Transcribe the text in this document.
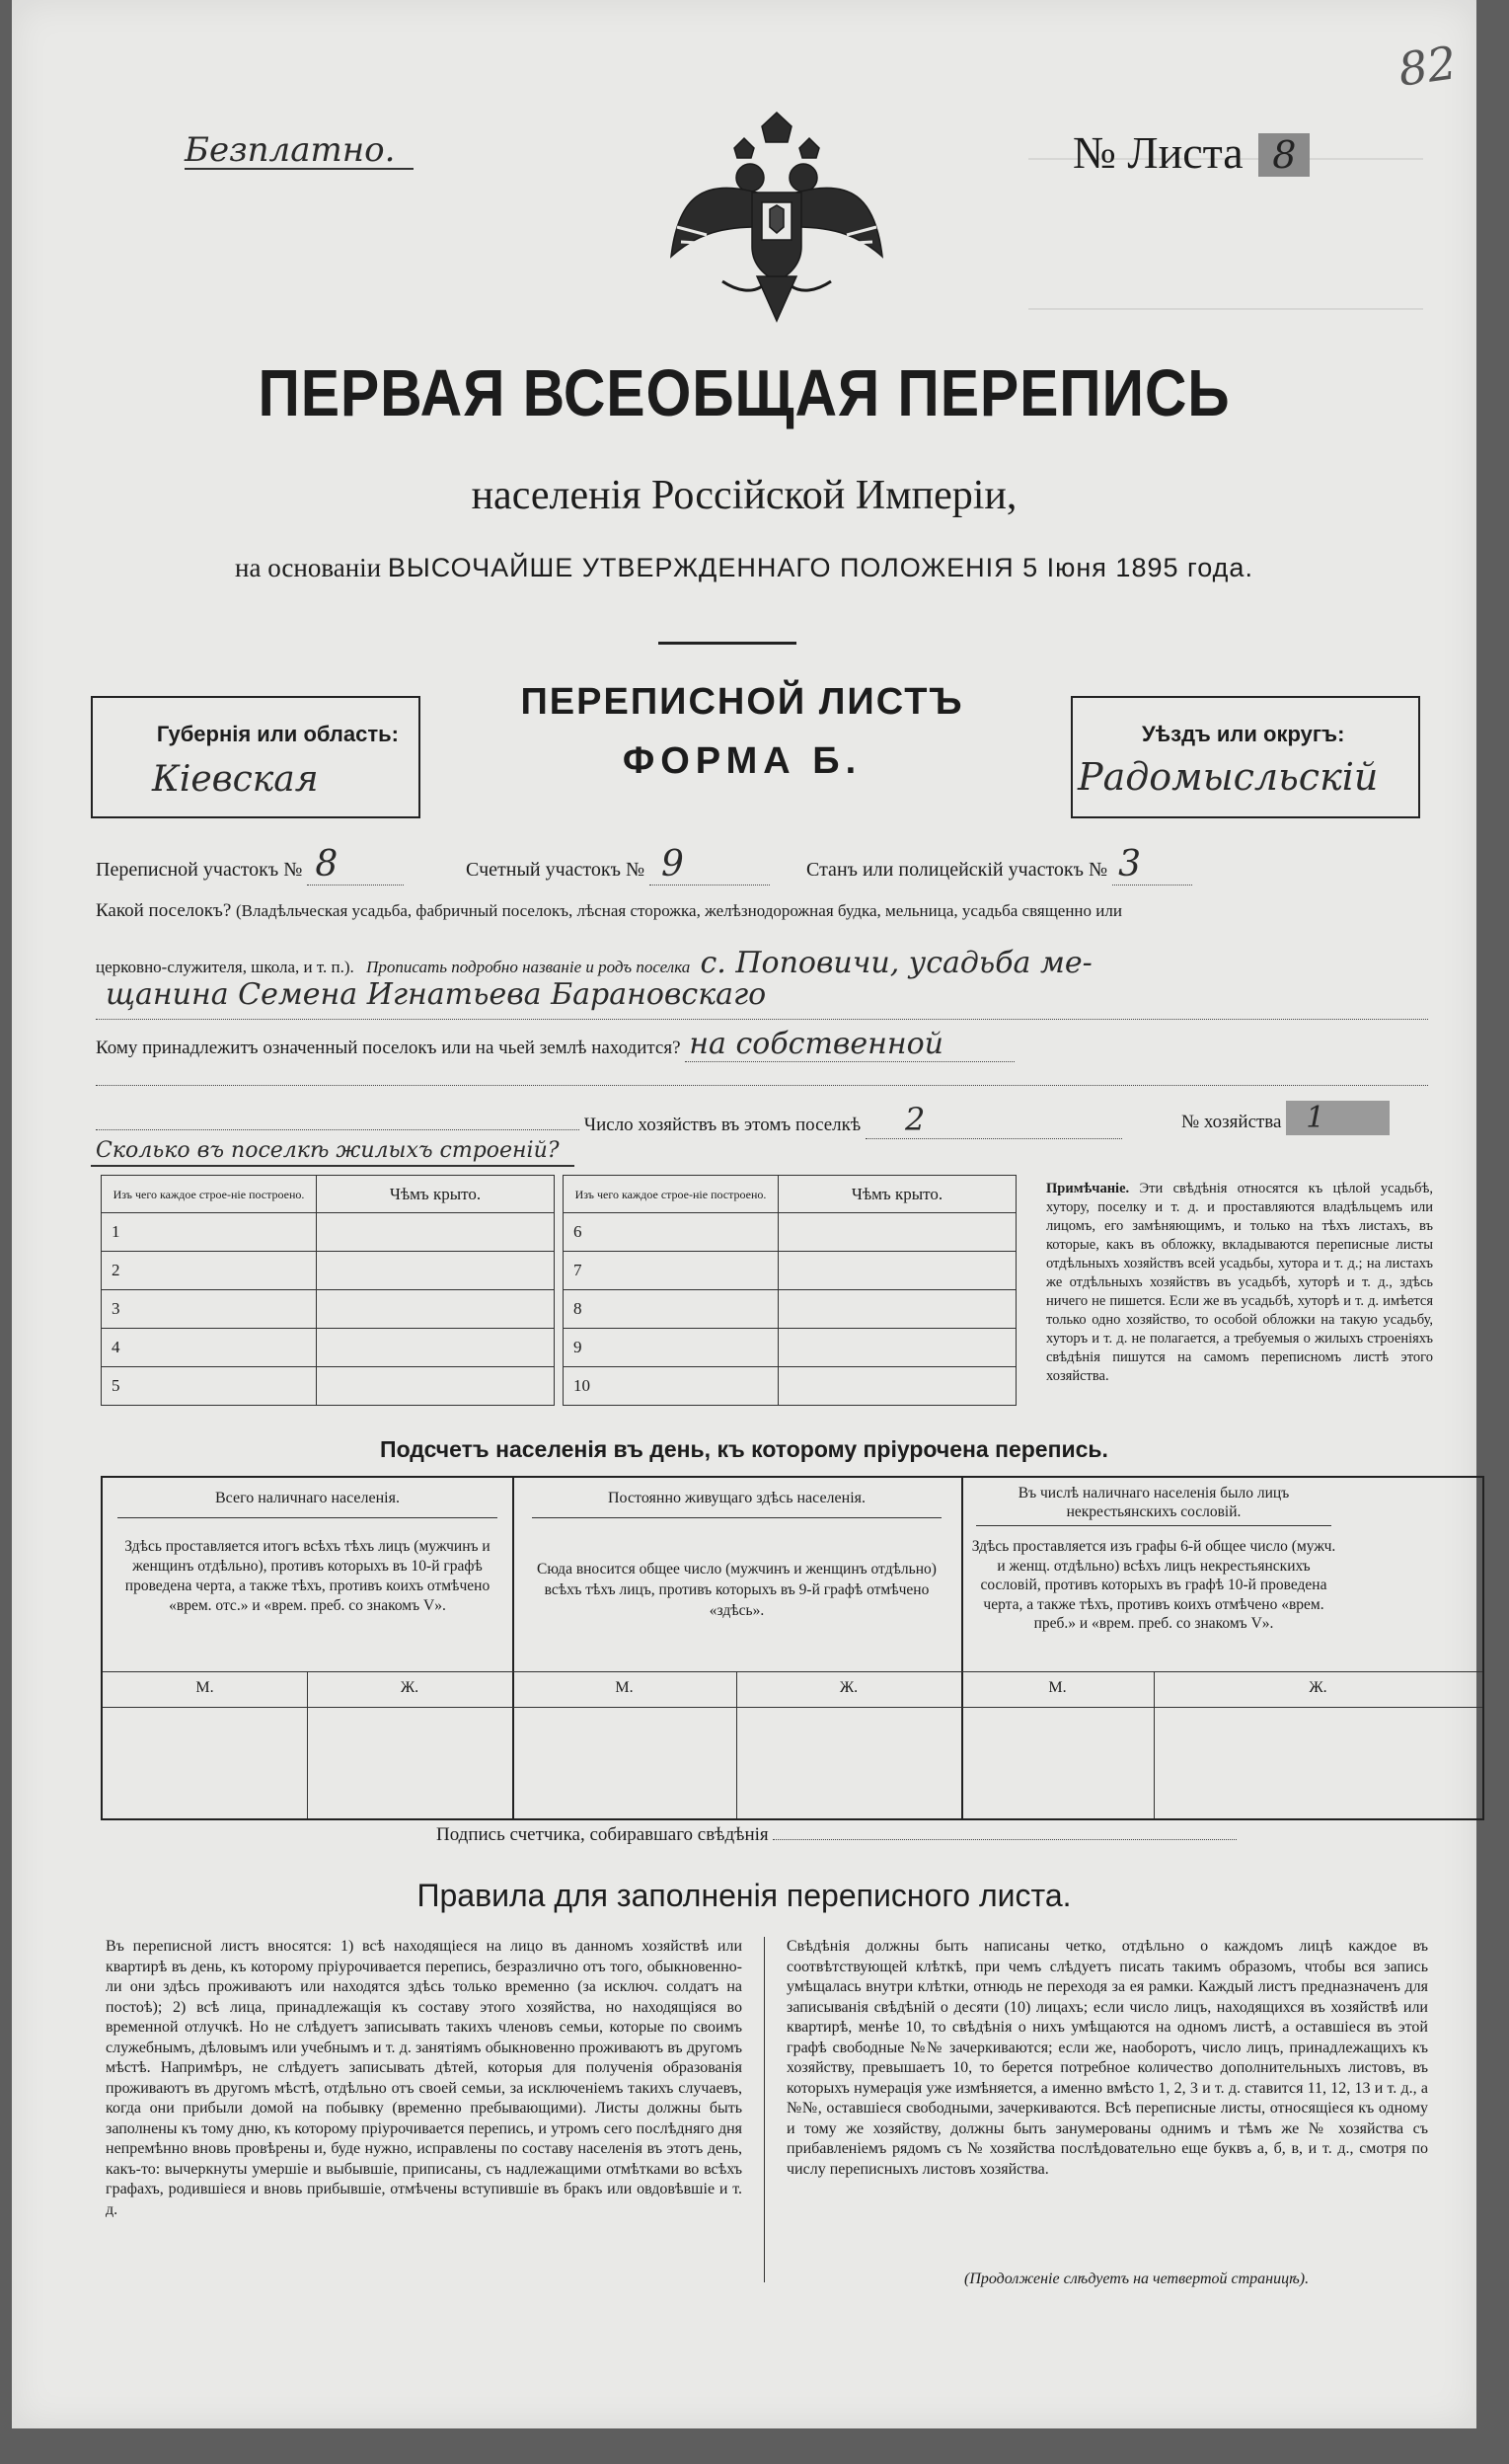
82
Безплатно.	№ Листа 8
ПЕРВАЯ ВСЕОБЩАЯ ПЕРЕПИСЬ
населенія Россійской Имперіи,
на основаніи ВЫСОЧАЙШЕ УТВЕРЖДЕННАГО ПОЛОЖЕНІЯ 5 Іюня 1895 года.
Губернія или область:
Кіевская
ПЕРЕПИСНОЙ ЛИСТЪ
ФОРМА Б.
Уѣздъ или округъ:
Радомысльскій
Переписной участокъ № 8	Счетный участокъ № 9	Станъ или полицейскій участокъ № 3
Какой поселокъ? (Владѣльческая усадьба, фабричный поселокъ, лѣсная сторожка, желѣзнодорожная будка, мельница, усадьба священно или
церковно-служителя, школа, и т. п.). Прописать подробно названіе и родъ поселка с. Поповичи, усадьба ме-
щанина Семена Игнатьева Барановскаго
Кому принадлежитъ означенный поселокъ или на чьей землѣ находится? на собственной
Число хозяйствъ въ этомъ поселкѣ 2	№ хозяйства 1
Сколько въ поселкѣ жилыхъ строеній?
Изъ чего каждое строе-ніе построено.	Чѣмъ крыто.
1	
2	
3	
4	
5	
Изъ чего каждое строе-ніе построено.	Чѣмъ крыто.
6	
7	
8	
9	
10	
Примѣчаніе. Эти свѣдѣнія относятся къ цѣлой усадьбѣ, хутору, поселку и т. д. и проставляются владѣльцемъ или лицомъ, его замѣняющимъ, и только на тѣхъ листахъ, въ которые, какъ въ обложку, вкладываются переписные листы отдѣльныхъ хозяйствъ всей усадьбы, хутора и т. д.; на листахъ же отдѣльныхъ хозяйствъ въ усадьбѣ, хуторѣ и т. д., здѣсь ничего не пишется. Если же въ усадьбѣ, хуторѣ и т. д. имѣется только одно хозяйство, то особой обложки на такую усадьбу, хуторъ и т. д. не полагается, а требуемыя о жилыхъ строеніяхъ свѣдѣнія пишутся на самомъ переписномъ листѣ этого хозяйства.
Подсчетъ населенія въ день, къ которому пріурочена перепись.
Всего наличнаго населенія.
Здѣсь проставляется итогъ всѣхъ тѣхъ лицъ (мужчинъ и женщинъ отдѣльно), противъ которыхъ въ 10-й графѣ проведена черта, а также тѣхъ, противъ коихъ отмѣчено «врем. отс.» и «врем. преб. со знакомъ V».
Постоянно живущаго здѣсь населенія.
Сюда вносится общее число (мужчинъ и женщинъ отдѣльно) всѣхъ тѣхъ лицъ, противъ которыхъ въ 9-й графѣ отмѣчено «здѣсь».
Въ числѣ наличнаго населенія было лицъ некрестьянскихъ сословій.
Здѣсь проставляется изъ графы 6-й общее число (мужч. и женщ. отдѣльно) всѣхъ лицъ некрестьянскихъ сословій, противъ которыхъ въ графѣ 10-й проведена черта, а также тѣхъ, противъ коихъ отмѣчено «врем. преб.» и «врем. преб. со знакомъ V».
М.	Ж.	М.	Ж.	М.	Ж.
Подпись счетчика, собиравшаго свѣдѣнія
Правила для заполненія переписного листа.
Въ переписной листъ вносятся: 1) всѣ находящіеся на лицо въ данномъ хозяйствѣ или квартирѣ въ день, къ которому пріурочивается перепись, безразлично отъ того, обыкновенно-ли они здѣсь проживаютъ или находятся здѣсь только временно (за исключ. солдатъ на постоѣ); 2) всѣ лица, принадлежащія къ составу этого хозяйства, но находящіяся во временной отлучкѣ. Но не слѣдуетъ записывать такихъ членовъ семьи, которые по своимъ служебнымъ, дѣловымъ или учебнымъ и т. д. занятіямъ обыкновенно проживаютъ въ другомъ мѣстѣ. Напримѣръ, не слѣдуетъ записывать дѣтей, которыя для полученія образованія проживаютъ въ другомъ мѣстѣ, отдѣльно отъ своей семьи, за исключеніемъ такихъ случаевъ, когда они прибыли домой на побывку (временно пребывающими). Листы должны быть заполнены къ тому дню, къ которому пріурочивается перепись, и утромъ сего послѣдняго дня непремѣнно вновь провѣрены и, буде нужно, исправлены по составу населенія въ этотъ день, какъ-то: вычеркнуты умершіе и выбывшіе, приписаны, съ надлежащими отмѣтками во всѣхъ графахъ, родившіеся и вновь прибывшіе, отмѣчены вступившіе въ бракъ или овдовѣвшіе и т. д.
Свѣдѣнія должны быть написаны четко, отдѣльно о каждомъ лицѣ каждое въ соотвѣтствующей клѣткѣ, при чемъ слѣдуетъ писать такимъ образомъ, чтобы вся запись умѣщалась внутри клѣтки, отнюдь не переходя за ея рамки. Каждый листъ предназначенъ для записыванія свѣдѣній о десяти (10) лицахъ; если число лицъ, находящихся въ хозяйствѣ или квартирѣ, менѣе 10, то свѣдѣнія о нихъ умѣщаются на одномъ листѣ, а оставшіеся въ этой графѣ свободные №№ зачеркиваются; если же, наоборотъ, число лицъ, принадлежащихъ къ хозяйству, превышаетъ 10, то берется потребное количество дополнительныхъ листовъ, въ которыхъ нумерація уже измѣняется, а именно вмѣсто 1, 2, 3 и т. д. ставится 11, 12, 13 и т. д., а №№, оставшіеся свободными, зачеркиваются. Всѣ переписные листы, относящіеся къ одному и тому же хозяйству, должны быть занумерованы однимъ и тѣмъ же № хозяйства съ прибавленіемъ рядомъ съ № хозяйства послѣдовательно еще буквъ а, б, в, и т. д., смотря по числу переписныхъ листовъ хозяйства.
(Продолженіе слѣдуетъ на четвертой страницѣ).
